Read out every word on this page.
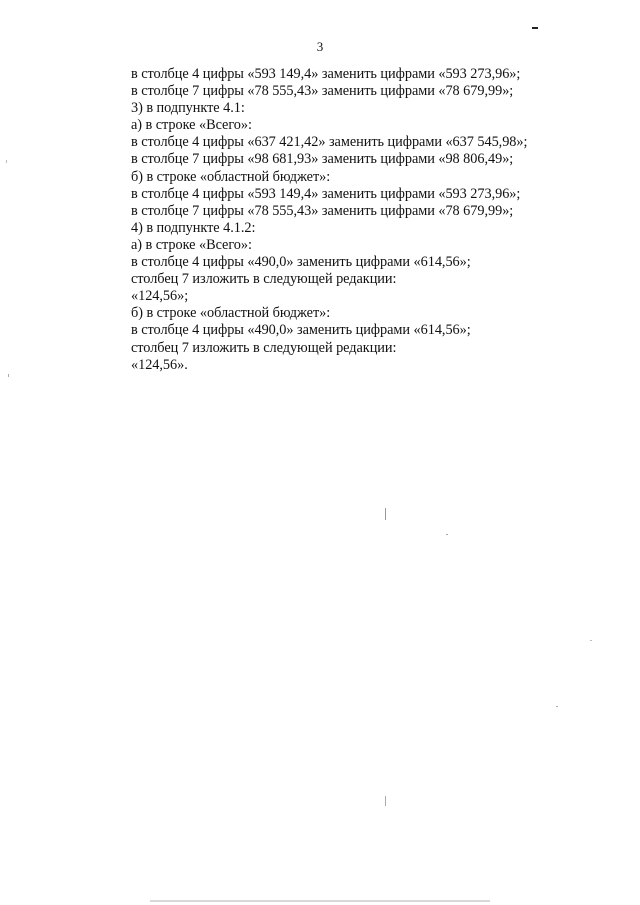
3
в столбце 4 цифры «593 149,4» заменить цифрами «593 273,96»;
в столбце 7 цифры «78 555,43» заменить цифрами «78 679,99»;
3) в подпункте 4.1:
а) в строке «Всего»:
в столбце 4 цифры «637 421,42» заменить цифрами «637 545,98»;
в столбце 7 цифры «98 681,93» заменить цифрами «98 806,49»;
б) в строке «областной бюджет»:
в столбце 4 цифры «593 149,4» заменить цифрами «593 273,96»;
в столбце 7 цифры «78 555,43» заменить цифрами «78 679,99»;
4) в подпункте 4.1.2:
а) в строке «Всего»:
в столбце 4 цифры «490,0» заменить цифрами «614,56»;
столбец 7 изложить в следующей редакции:
«124,56»;
б) в строке «областной бюджет»:
в столбце 4 цифры «490,0» заменить цифрами «614,56»;
столбец 7 изложить в следующей редакции:
«124,56».
